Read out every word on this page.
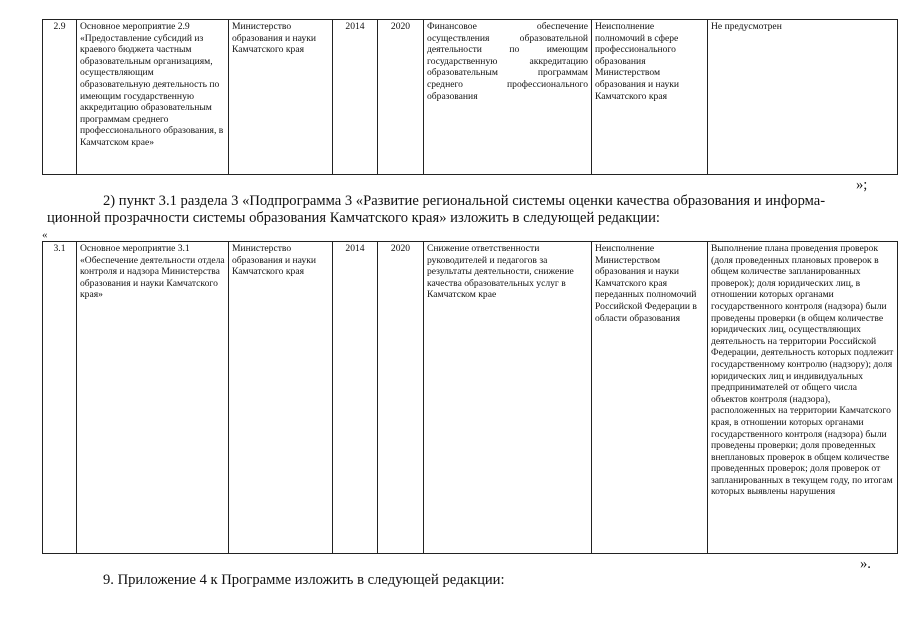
2.9	Основное мероприятие 2.9 «Предоставление субсидий из краевого бюджета частным образовательным организациям, осуществляющим образовательную деятельность по имеющим государственную аккредитацию образовательным программам среднего профессионального образования, в Камчатском крае»	Министерство образования и науки Камчатского края	2014	2020	Финансовое обеспечение осуществления образовательной деятельности по имеющим государственную аккредитацию образовательным программам среднего профессионального образования	Неисполнение полномочий в сфере профессионального образования Министерством образования и науки Камчатского края	Не предусмотрен
»;
2) пункт 3.1 раздела 3 «Подпрограмма 3 «Развитие региональной системы оценки качества образования и информа-
ционной прозрачности системы образования Камчатского края» изложить в следующей редакции:
«
3.1	Основное мероприятие 3.1 «Обеспечение деятельности отдела контроля и надзора Министерства образования и науки Камчатского края»	Министерство образования и науки Камчатского края	2014	2020	Снижение ответственности руководителей и педагогов за результаты деятельности, снижение качества образовательных услуг в Камчатском крае	Неисполнение Министерством образования и науки Камчатского края переданных полномочий Российской Федерации в области образования	Выполнение плана проведения проверок (доля проведенных плановых проверок в общем количестве запланированных проверок); доля юридических лиц, в отношении которых органами государственного контроля (надзора) были проведены проверки (в общем количестве юридических лиц, осуществляющих деятельность на территории Российской Федерации, деятельность которых подлежит государственному контролю (надзору); доля юридических лиц и индивидуальных предпринимателей от общего числа объектов контроля (надзора), расположенных на территории Камчатского края, в отношении которых органами государственного контроля (надзора) были проведены проверки; доля проведенных внеплановых проверок в общем количестве проведенных проверок; доля проверок от запланированных в текущем году, по итогам которых выявлены нарушения
».
9. Приложение 4 к Программе изложить в следующей редакции:
